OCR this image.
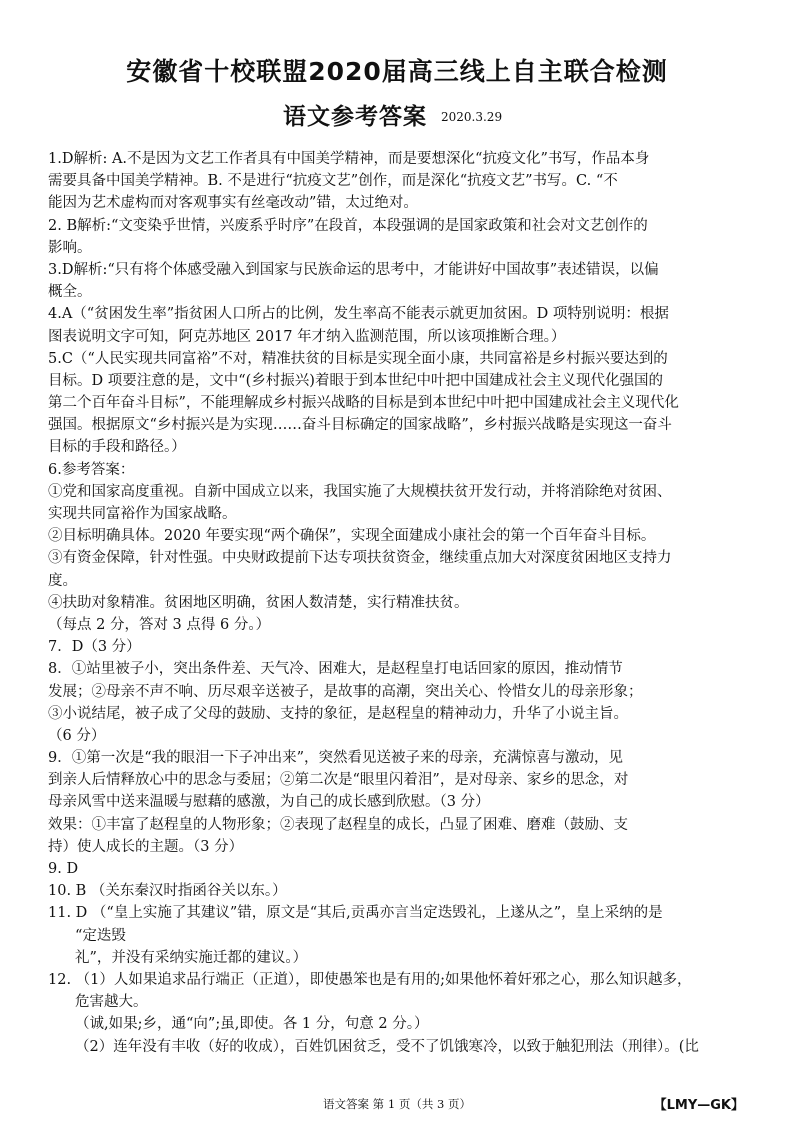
安徽省十校联盟2020届高三线上自主联合检测
语文参考答案 2020.3.29
1.D解析: A.不是因为文艺工作者具有中国美学精神，而是要想深化“抗疫文化”书写，作品本身
需要具备中国美学精神。B. 不是进行“抗疫文艺”创作，而是深化“抗疫文艺”书写。C. “不
能因为艺术虚构而对客观事实有丝毫改动”错，太过绝对。
2. B解析:“文变染乎世情，兴废系乎时序”在段首，本段强调的是国家政策和社会对文艺创作的
影响。
3.D解析:“只有将个体感受融入到国家与民族命运的思考中，才能讲好中国故事”表述错误，以偏
概全。
4.A（“贫困发生率”指贫困人口所占的比例，发生率高不能表示就更加贫困。D 项特别说明：根据
图表说明文字可知，阿克苏地区 2017 年才纳入监测范围，所以该项推断合理。）
5.C（“人民实现共同富裕”不对，精准扶贫的目标是实现全面小康，共同富裕是乡村振兴要达到的
目标。D 项要注意的是，文中“(乡村振兴)着眼于到本世纪中叶把中国建成社会主义现代化强国的
第二个百年奋斗目标”，不能理解成乡村振兴战略的目标是到本世纪中叶把中国建成社会主义现代化
强国。根据原文“乡村振兴是为实现……奋斗目标确定的国家战略”，乡村振兴战略是实现这一奋斗
目标的手段和路径。）
6.参考答案：
①党和国家高度重视。自新中国成立以来，我国实施了大规模扶贫开发行动，并将消除绝对贫困、
实现共同富裕作为国家战略。
②目标明确具体。2020 年要实现“两个确保”，实现全面建成小康社会的第一个百年奋斗目标。
③有资金保障，针对性强。中央财政提前下达专项扶贫资金，继续重点加大对深度贫困地区支持力
度。
④扶助对象精准。贫困地区明确，贫困人数清楚，实行精准扶贫。
（每点 2 分，答对 3 点得 6 分。）
7．D（3 分）
8．①站里被子小，突出条件差、天气冷、困难大，是赵程皇打电话回家的原因，推动情节
发展；②母亲不声不响、历尽艰辛送被子，是故事的高潮，突出关心、怜惜女儿的母亲形象；
③小说结尾，被子成了父母的鼓励、支持的象征，是赵程皇的精神动力，升华了小说主旨。
（6 分）
9．①第一次是“我的眼泪一下子冲出来”，突然看见送被子来的母亲，充满惊喜与激动，见
到亲人后情释放心中的思念与委屈；②第二次是“眼里闪着泪”，是对母亲、家乡的思念，对
母亲风雪中送来温暖与慰藉的感激，为自己的成长感到欣慰。（3 分）
效果：①丰富了赵程皇的人物形象；②表现了赵程皇的成长，凸显了困难、磨难（鼓励、支
持）使人成长的主题。（3 分）
9. D
10. B （关东秦汉时指函谷关以东。）
11. D （“皇上实施了其建议”错，原文是“其后,贡禹亦言当定迭毁礼，上遂从之”，皇上采纳的是
“定迭毁
礼”，并没有采纳实施迁都的建议。）
12. （1）人如果追求品行端正（正道），即使愚笨也是有用的;如果他怀着奸邪之心，那么知识越多，
危害越大。
（诚,如果;乡，通“向”;虽,即使。各 1 分，句意 2 分。）
（2）连年没有丰收（好的收成），百姓饥困贫乏，受不了饥饿寒冷，以致于触犯刑法（刑律）。(比
语文答案 第 1 页（共 3 页）	【LMY—GK】
